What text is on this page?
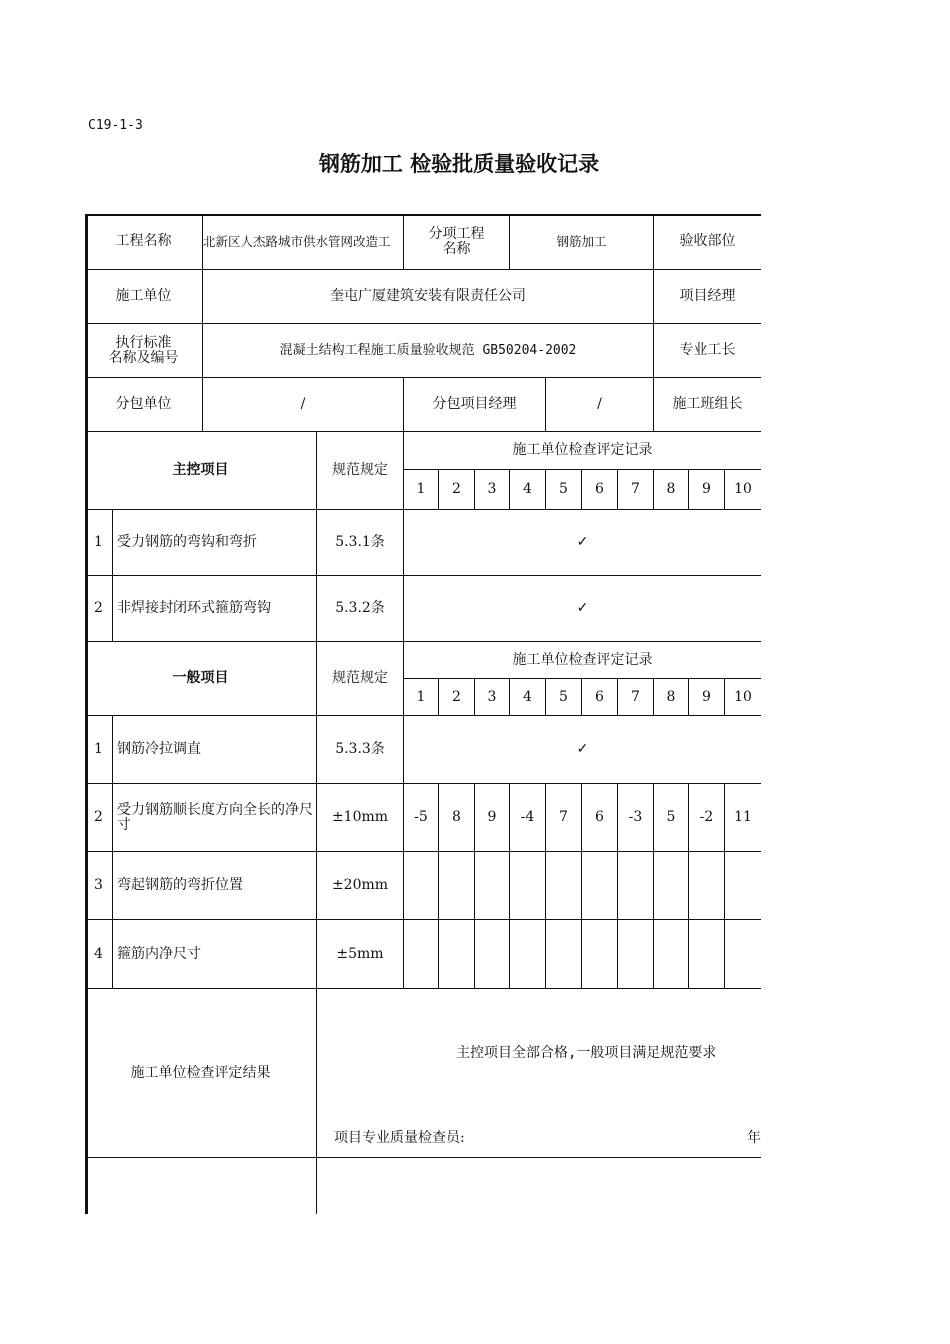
C19-1-3
钢筋加工 检验批质量验收记录
工程名称	北新区人杰路城市供水管网改造工	分项工程
名称	钢筋加工	验收部位
施工单位	奎屯广厦建筑安装有限责任公司	项目经理
执行标准
名称及编号	混凝土结构工程施工质量验收规范 GB50204-2002	专业工长
分包单位	/	分包项目经理	/	施工班组长
主控项目	规范规定
施工单位检查评定记录
1	2	3	4	5	6	7	8	9	10
1	受力钢筋的弯钩和弯折	5.3.1条	✓
2	非焊接封闭环式箍筋弯钩	5.3.2条	✓
一般项目	规范规定
施工单位检查评定记录
1	2	3	4	5	6	7	8	9	10
1	钢筋冷拉调直	5.3.3条	✓
2	受力钢筋顺长度方向全长的净尺寸	±10mm	-5	8	9	-4	7	6	-3	5	-2	11
3	弯起钢筋的弯折位置	±20mm
4	箍筋内净尺寸	±5mm
施工单位检查评定结果
主控项目全部合格,一般项目满足规范要求
项目专业质量检查员:	年
